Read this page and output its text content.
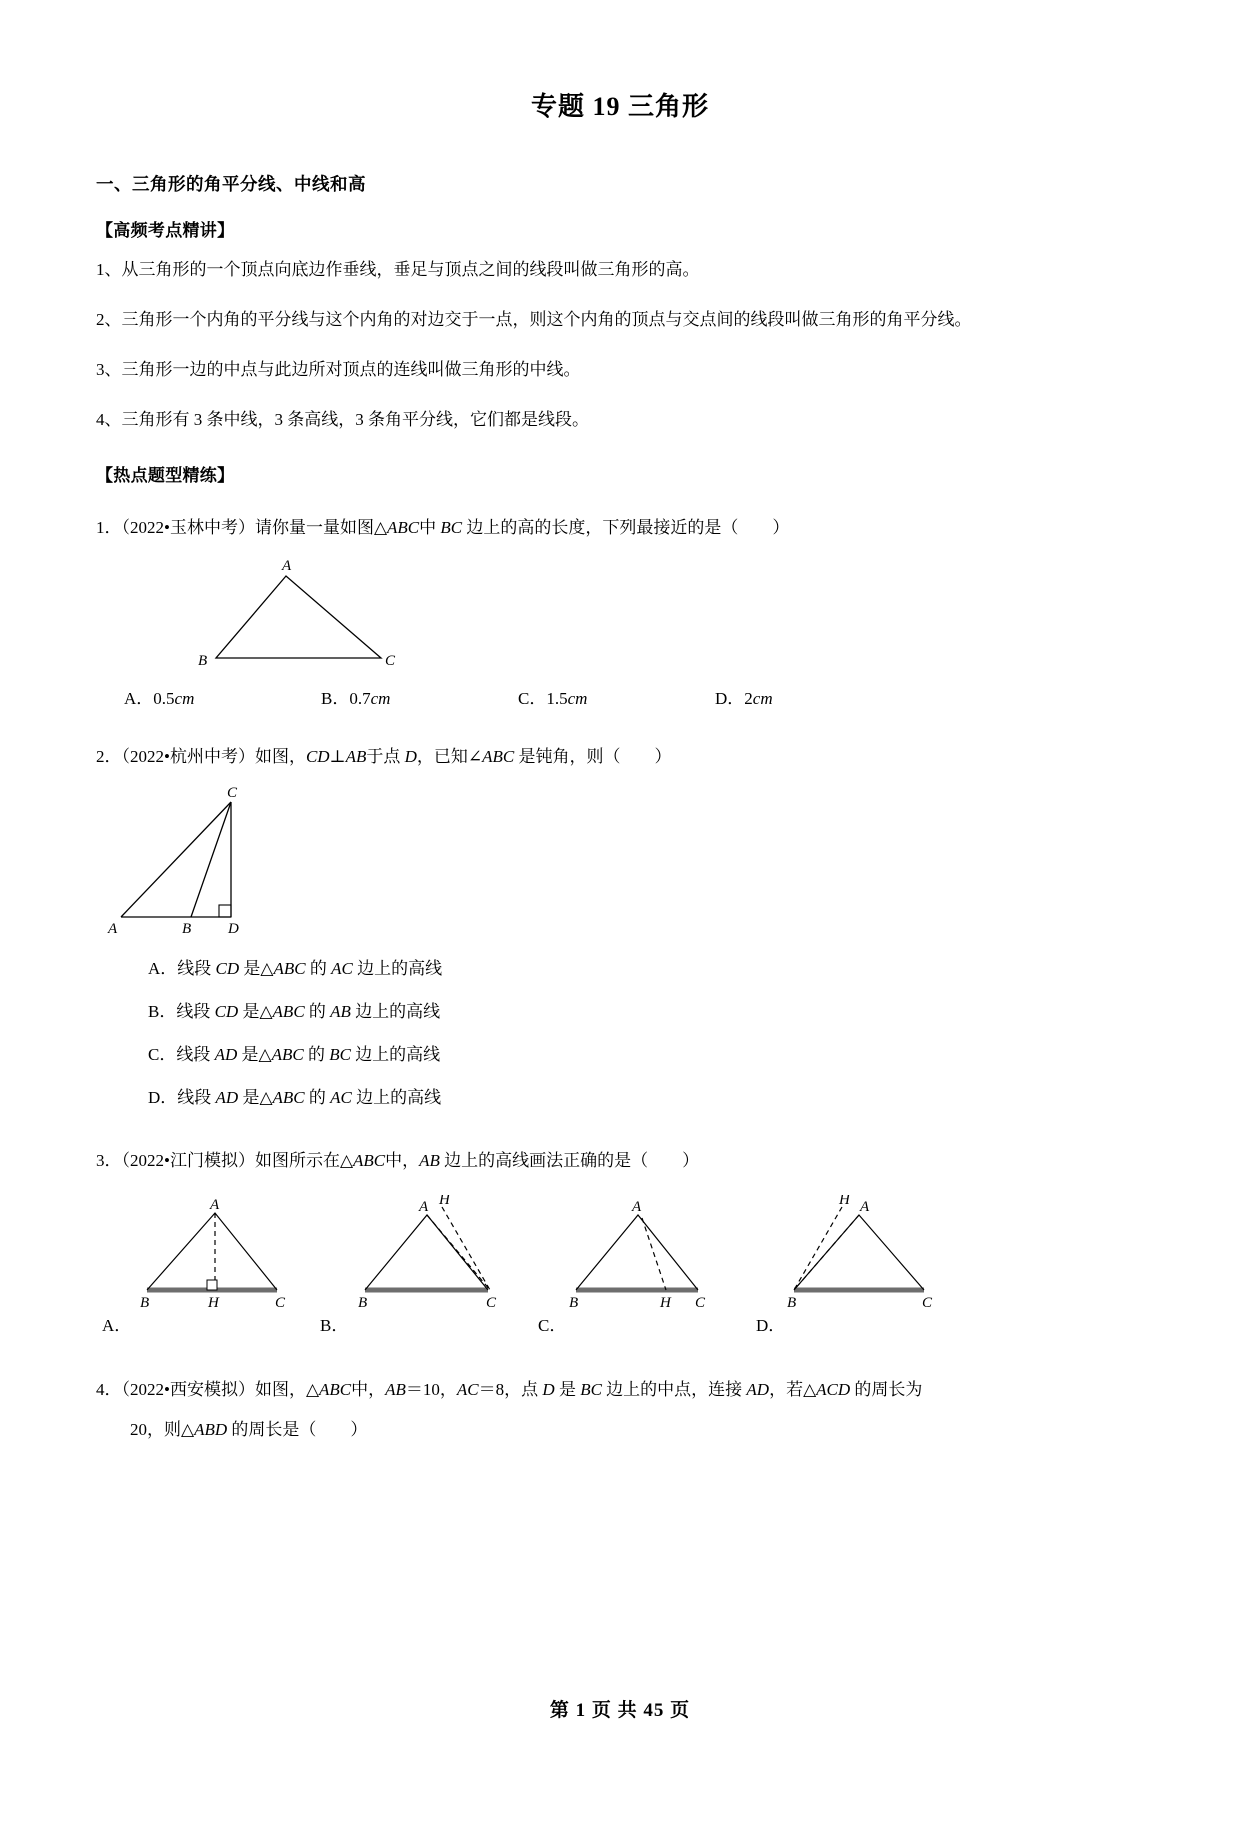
专题 19 三角形
一、三角形的角平分线、中线和高
【高频考点精讲】
1、从三角形的一个顶点向底边作垂线，垂足与顶点之间的线段叫做三角形的高。
2、三角形一个内角的平分线与这个内角的对边交于一点，则这个内角的顶点与交点间的线段叫做三角形的角平分线。
3、三角形一边的中点与此边所对顶点的连线叫做三角形的中线。
4、三角形有 3 条中线，3 条高线，3 条角平分线，它们都是线段。
【热点题型精练】
1．（2022•玉林中考）请你量一量如图△ABC中 BC 边上的高的长度，下列最接近的是（　　）
A
B	C
A．0.5cm	B．0.7cm	C．1.5cm	D．2cm
2．（2022•杭州中考）如图，CD⊥AB于点 D，已知∠ABC 是钝角，则（　　）
C
A	B D
A．线段 CD 是△ABC 的 AC 边上的高线
B．线段 CD 是△ABC 的 AB 边上的高线
C．线段 AD 是△ABC 的 BC 边上的高线
D．线段 AD 是△ABC 的 AC 边上的高线
3．（2022•江门模拟）如图所示在△ABC中，AB 边上的高线画法正确的是（　　）
A
B	H	C
A H
B	C
A
B	H C
H A
B	C
A．	B．	C．	D．
4．（2022•西安模拟）如图，△ABC中，AB＝10，AC＝8，点 D 是 BC 边上的中点，连接 AD，若△ACD 的周长为
20，则△ABD 的周长是（　　）
第 1 页 共 45 页
